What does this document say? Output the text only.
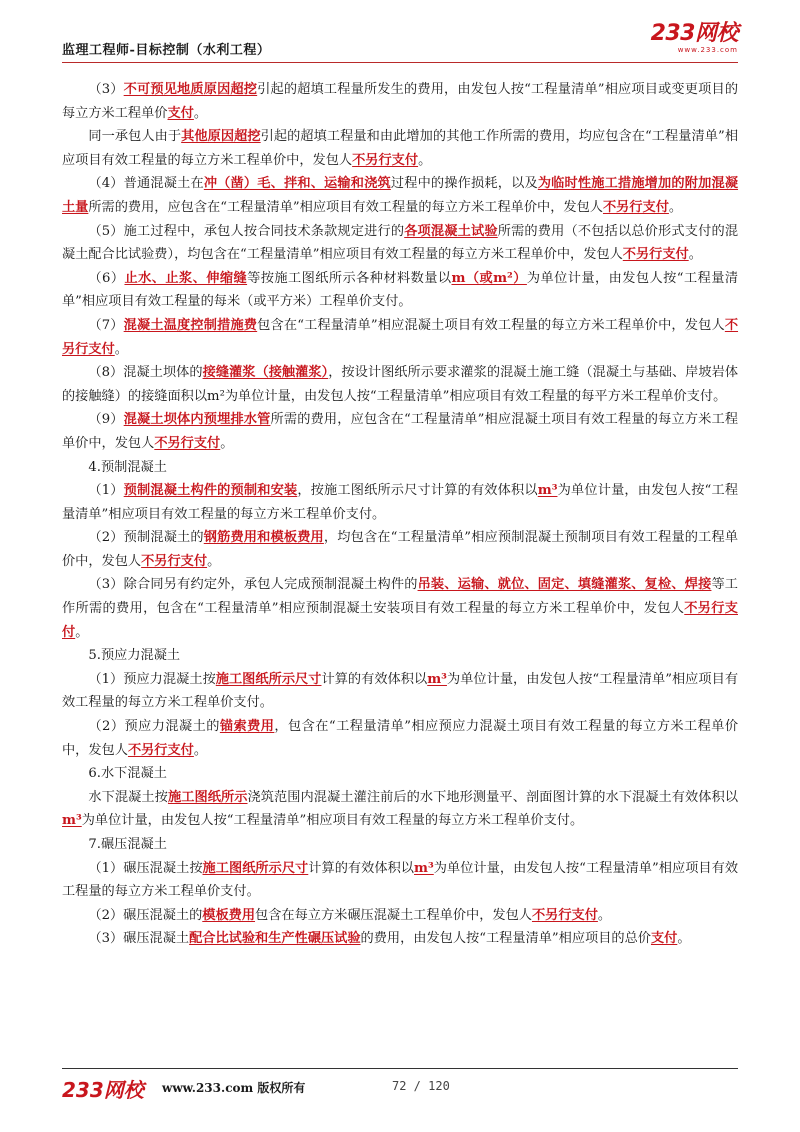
监理工程师-目标控制（水利工程）
233网校
www.233.com

（3）不可预见地质原因超挖引起的超填工程量所发生的费用，由发包人按“工程量清单”相应项目或变更项目的每立方米工程单价支付。

同一承包人由于其他原因超挖引起的超填工程量和由此增加的其他工作所需的费用，均应包含在“工程量清单”相应项目有效工程量的每立方米工程单价中，发包人不另行支付。

（4）普通混凝土在冲（凿）毛、拌和、运输和浇筑过程中的操作损耗，以及为临时性施工措施增加的附加混凝土量所需的费用，应包含在“工程量清单”相应项目有效工程量的每立方米工程单价中，发包人不另行支付。

（5）施工过程中，承包人按合同技术条款规定进行的各项混凝土试验所需的费用（不包括以总价形式支付的混凝土配合比试验费），均包含在“工程量清单”相应项目有效工程量的每立方米工程单价中，发包人不另行支付。

（6）止水、止浆、伸缩缝等按施工图纸所示各种材料数量以m（或m²）为单位计量，由发包人按“工程量清单”相应项目有效工程量的每米（或平方米）工程单价支付。

（7）混凝土温度控制措施费包含在“工程量清单”相应混凝土项目有效工程量的每立方米工程单价中，发包人不另行支付。

（8）混凝土坝体的接缝灌浆（接触灌浆），按设计图纸所示要求灌浆的混凝土施工缝（混凝土与基础、岸坡岩体的接触缝）的接缝面积以m²为单位计量，由发包人按“工程量清单”相应项目有效工程量的每平方米工程单价支付。

（9）混凝土坝体内预埋排水管所需的费用，应包含在“工程量清单”相应混凝土项目有效工程量的每立方米工程单价中，发包人不另行支付。

4.预制混凝土

（1）预制混凝土构件的预制和安装，按施工图纸所示尺寸计算的有效体积以m³为单位计量，由发包人按“工程量清单”相应项目有效工程量的每立方米工程单价支付。

（2）预制混凝土的钢筋费用和模板费用，均包含在“工程量清单”相应预制混凝土预制项目有效工程量的工程单价中，发包人不另行支付。

（3）除合同另有约定外，承包人完成预制混凝土构件的吊装、运输、就位、固定、填缝灌浆、复检、焊接等工作所需的费用，包含在“工程量清单”相应预制混凝土安装项目有效工程量的每立方米工程单价中，发包人不另行支付。

5.预应力混凝土

（1）预应力混凝土按施工图纸所示尺寸计算的有效体积以m³为单位计量，由发包人按“工程量清单”相应项目有效工程量的每立方米工程单价支付。

（2）预应力混凝土的锚索费用，包含在“工程量清单”相应预应力混凝土项目有效工程量的每立方米工程单价中，发包人不另行支付。

6.水下混凝土

水下混凝土按施工图纸所示浇筑范围内混凝土灌注前后的水下地形测量平、剖面图计算的水下混凝土有效体积以m³为单位计量，由发包人按“工程量清单”相应项目有效工程量的每立方米工程单价支付。

7.碾压混凝土

（1）碾压混凝土按施工图纸所示尺寸计算的有效体积以m³为单位计量，由发包人按“工程量清单”相应项目有效工程量的每立方米工程单价支付。

（2）碾压混凝土的模板费用包含在每立方米碾压混凝土工程单价中，发包人不另行支付。

（3）碾压混凝土配合比试验和生产性碾压试验的费用，由发包人按“工程量清单”相应项目的总价支付。

233网校 www.233.com 版权所有	72 / 120
